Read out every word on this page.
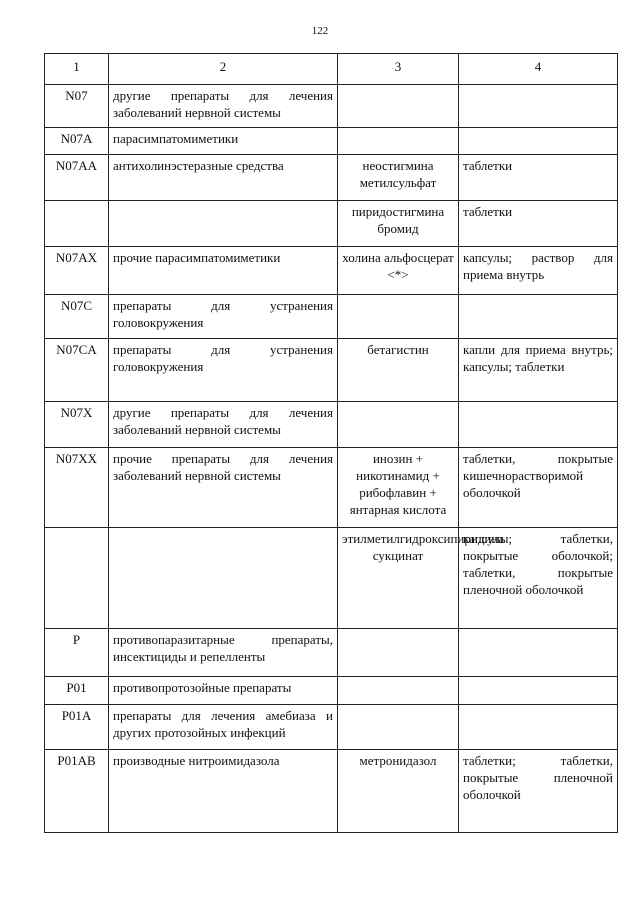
122
1	2	3	4
N07	другие препараты для лечения заболеваний нервной системы		
N07A	парасимпатомиметики		
N07AA	антихолинэстеразные средства	неостигмина метилсульфат	таблетки
		пиридостигмина бромид	таблетки
N07AX	прочие парасимпатомиметики	холина альфосцерат <*>	капсулы; раствор для приема внутрь
N07C	препараты для устранения головокружения		
N07CA	препараты для устранения головокружения	бетагистин	капли для приема внутрь; капсулы; таблетки
N07X	другие препараты для лечения заболеваний нервной системы		
N07XX	прочие препараты для лечения заболеваний нервной системы	инозин + никотинамид + рибофлавин + янтарная кислота	таблетки, покрытые кишечнорастворимой оболочкой
		этилметилгидроксипиридина сукцинат	капсулы; таблетки, покрытые оболочкой; таблетки, покрытые пленочной оболочкой
P	противопаразитарные препараты, инсектициды и репелленты		
P01	противопротозойные препараты		
P01A	препараты для лечения амебиаза и других протозойных инфекций		
P01AB	производные нитроимидазола	метронидазол	таблетки; таблетки, покрытые пленочной оболочкой
